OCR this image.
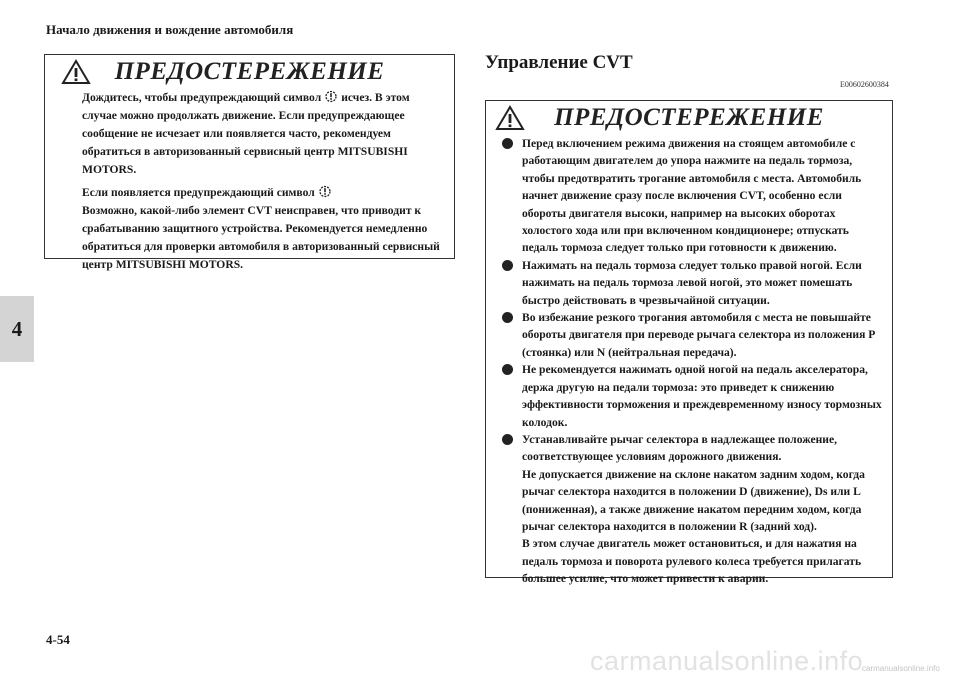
Начало движения и вождение автомобиля
4
ПРЕДОСТЕРЕЖЕНИЕ

Дождитесь, чтобы предупреждающий символ исчез. В этом случае можно продолжать движение. Если предупреждающее сообщение не исчезает или появляется часто, рекомендуем обратиться в авторизованный сервисный центр MITSUBISHI MOTORS.

Если появляется предупреждающий символ
Возможно, какой-либо элемент CVT неисправен, что приводит к срабатыванию защитного устройства. Рекомендуется немедленно обратиться для проверки автомобиля в авторизованный сервисный центр MITSUBISHI MOTORS.

Управление CVT
E00602600384
ПРЕДОСТЕРЕЖЕНИЕ
Перед включением режима движения на стоящем автомобиле с работающим двигателем до упора нажмите на педаль тормоза, чтобы предотвратить трогание автомобиля с места. Автомобиль начнет движение сразу после включения CVT, особенно если обороты двигателя высоки, например на высоких оборотах холостого хода или при включенном кондиционере; отпускать педаль тормоза следует только при готовности к движению.
Нажимать на педаль тормоза следует только правой ногой. Если нажимать на педаль тормоза левой ногой, это может помешать быстро действовать в чрезвычайной ситуации.
Во избежание резкого трогания автомобиля с места не повышайте обороты двигателя при переводе рычага селектора из положения P (стоянка) или N (нейтральная передача).
Не рекомендуется нажимать одной ногой на педаль акселератора, держа другую на педали тормоза: это приведет к снижению эффективности торможения и преждевременному износу тормозных колодок.
Устанавливайте рычаг селектора в надлежащее положение, соответствующее условиям дорожного движения.
Не допускается движение на склоне накатом задним ходом, когда рычаг селектора находится в положении D (движение), Ds или L (пониженная), а также движение накатом передним ходом, когда рычаг селектора находится в положении R (задний ход).
В этом случае двигатель может остановиться, и для нажатия на педаль тормоза и поворота рулевого колеса требуется прилагать большее усилие, что может привести к аварии.
4-54
carmanualsonline.info
carmanualsonline.info
